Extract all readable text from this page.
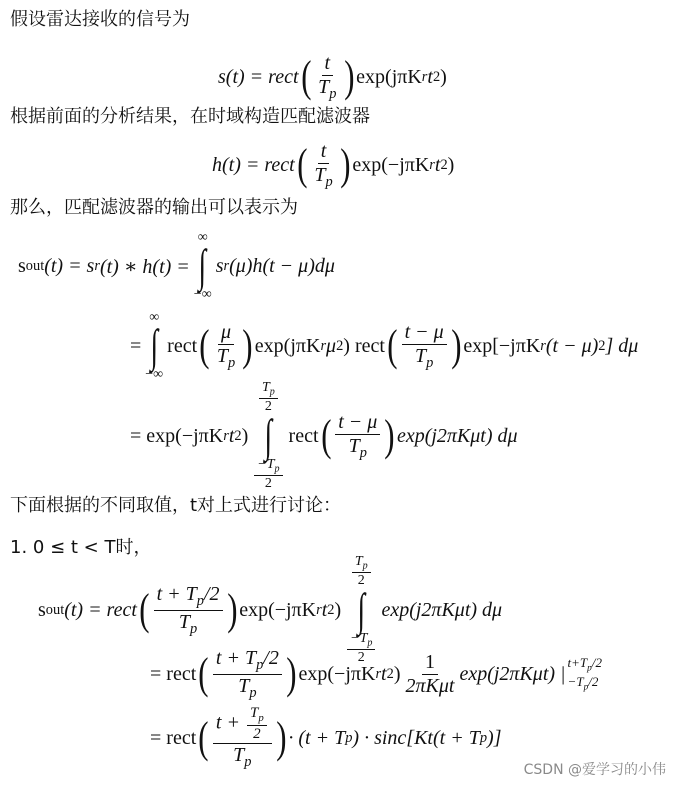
假设雷达接收的信号为
s(t) = rect ( $\frac{t}{T_p}$ ) exp(jπK r t 2 )
根据前面的分析结果，在时域构造匹配滤波器
h(t) = rect ( $\frac{t}{T_p}$ ) exp(−jπK r t 2 )
那么，匹配滤波器的输出可以表示为
s out (t) = s r (t) ∗ h(t) =
∞
∫
−∞
s r (μ)h(t − μ)dμ
=
∞
∫
−∞
rect ( $\frac{\mu}{T_p}$ ) exp(jπK r μ 2 ) rect ( $\frac{t - \mu}{T_p}$ ) exp[−jπK r (t − μ) 2 ] dμ
= exp(−jπK r t 2 )
$\frac{T_p}{2}$
∫
$\frac{-T_p}{2}$
rect ( $\frac{t - \mu}{T_p}$ ) exp(j2πKμt) dμ
下面根据的不同取值，t对上式进行讨论：
1. 0 ≤ t < T时，
s out (t) = rect ( $\frac{t + T_p/2}{T_p}$ ) exp(−jπK r t 2 )
$\frac{T_p}{2}$
∫
$\frac{-T_p}{2}$
exp(j2πKμt) dμ
= rect ( $\frac{t + T_p/2}{T_p}$ ) exp(−jπK r t 2 ) $\frac{1}{\text{2πKμt}} \exp(j2\pi K\mu t)$ |
$t+T_p/2$
$-T_p/2$
= rect ( $\frac{t + \frac{T_p}{2}}{T_p}$ ) · (t + T p ) · sinc[Kt(t + T p )]
CSDN @爱学习的小伟
